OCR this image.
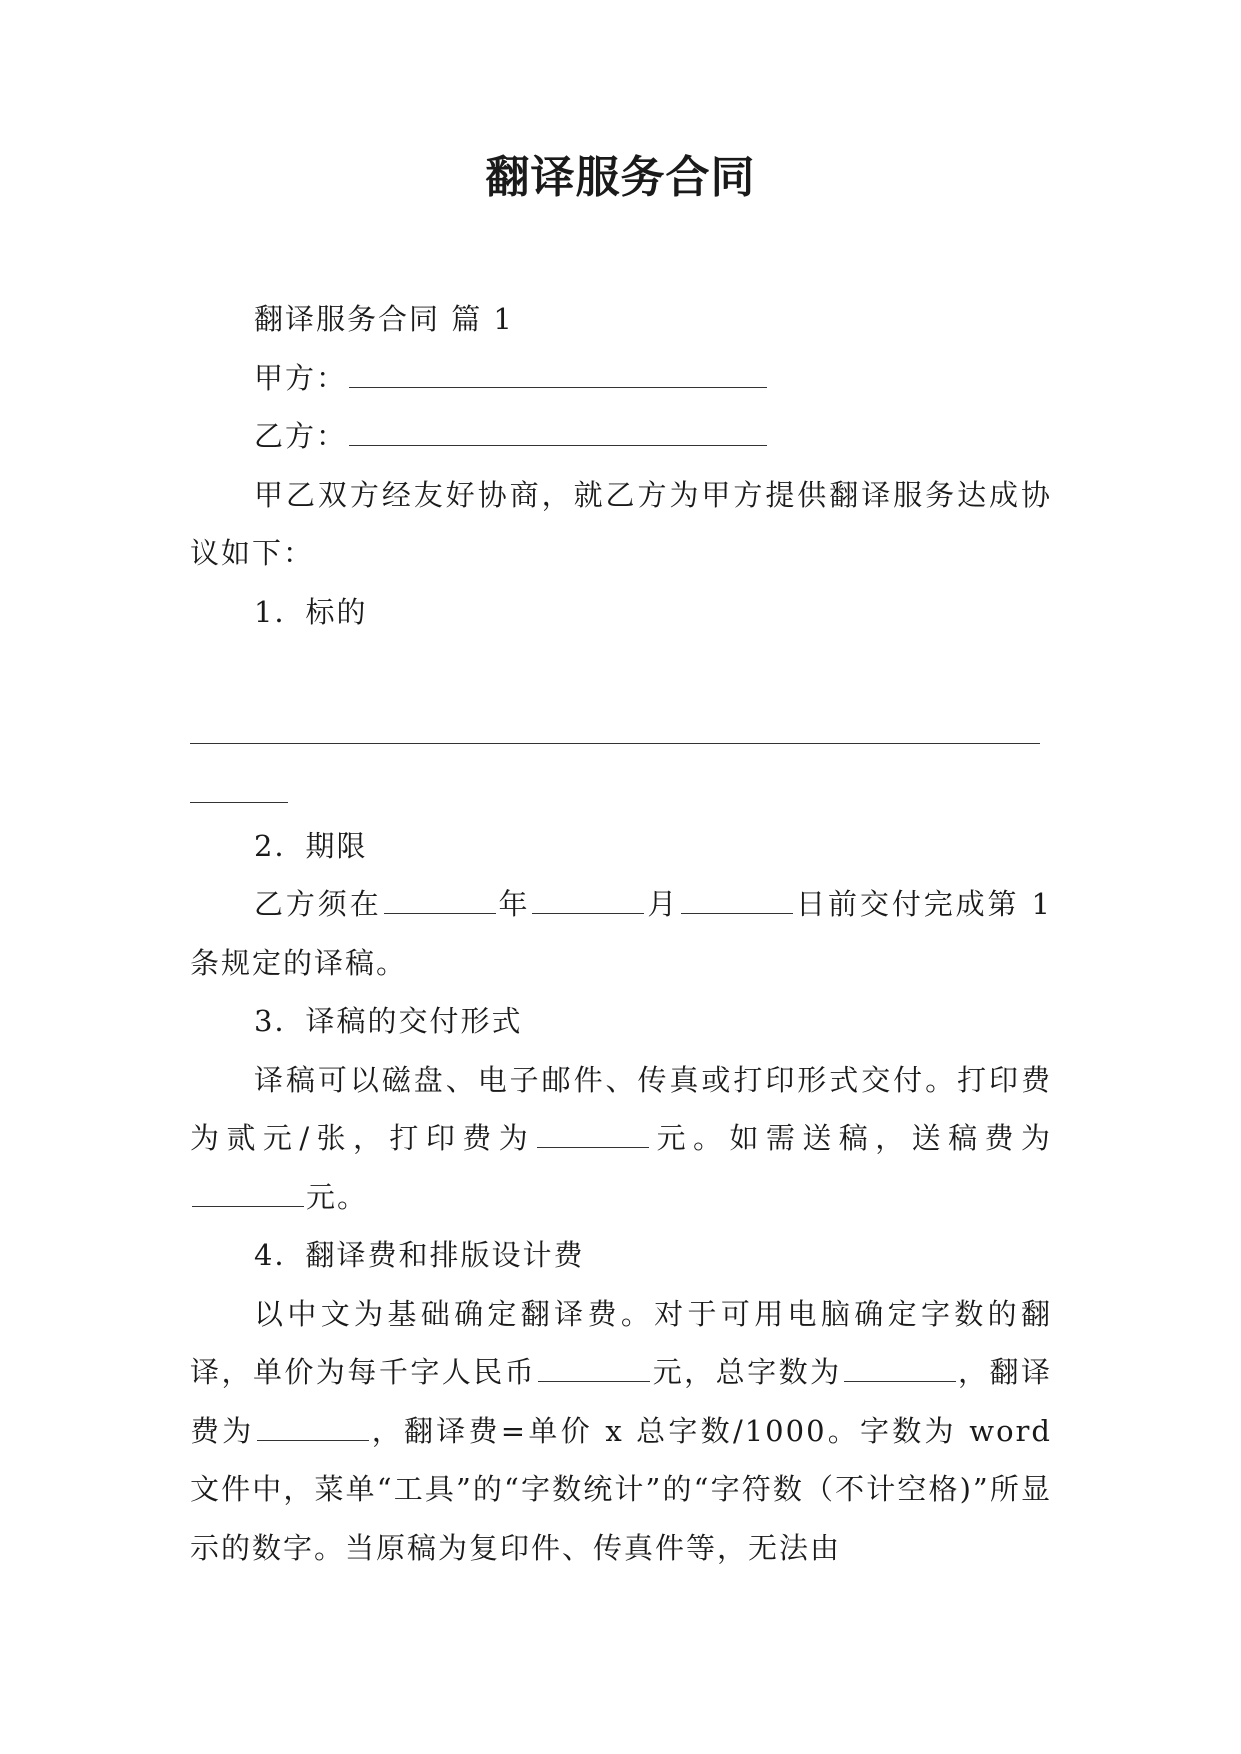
翻译服务合同

翻译服务合同 篇 1

甲方：

乙方：

甲乙双方经友好协商，就乙方为甲方提供翻译服务达成协议如下：

1．标的

2．期限

乙方须在	年	月	日前交付完成第 1 条规定的译稿。

3．译稿的交付形式

译稿可以磁盘、电子邮件、传真或打印形式交付。打印费为贰元/张，打印费为	元。如需送稿，送稿费为元。

4．翻译费和排版设计费

以中文为基础确定翻译费。对于可用电脑确定字数的翻译，单价为每千字人民币	元，总字数为	，翻译费为	，翻译费=单价 x 总字数/1000。字数为 word 文件中，菜单“工具”的“字数统计”的“字符数（不计空格)”所显示的数字。当原稿为复印件、传真件等，无法由
